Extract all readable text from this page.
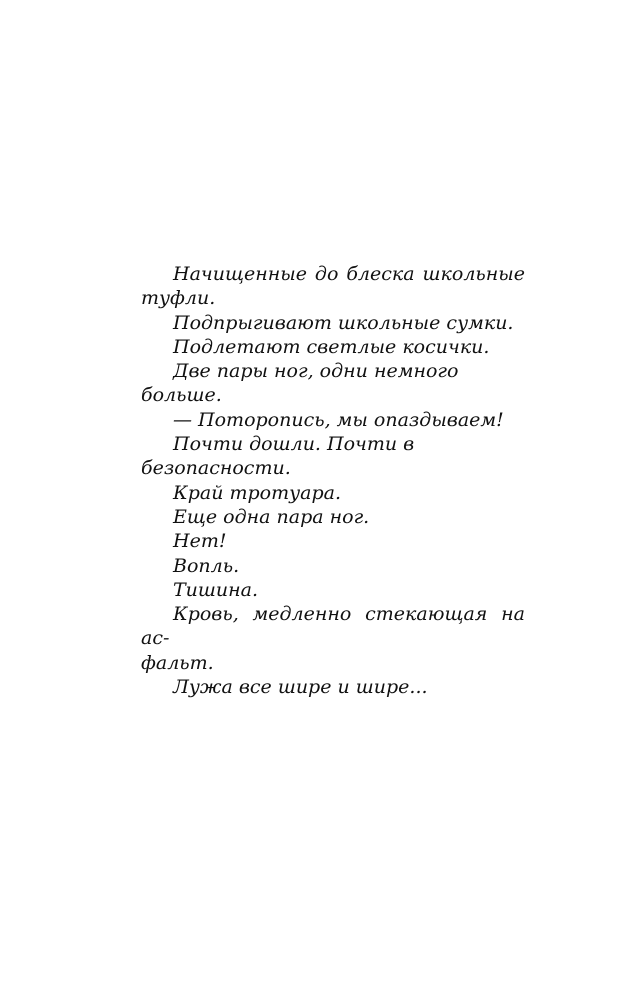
Начищенные до блеска школьные
туфли.

Подпрыгивают школьные сумки.

Подлетают светлые косички.

Две пары ног, одни немного больше.

— Поторопись, мы опаздываем!

Почти дошли. Почти в безопасности.

Край тротуара.

Еще одна пара ног.

Нет!

Вопль.

Тишина.

Кровь, медленно стекающая на ас-
фальт.

Лужа все шире и шире...
